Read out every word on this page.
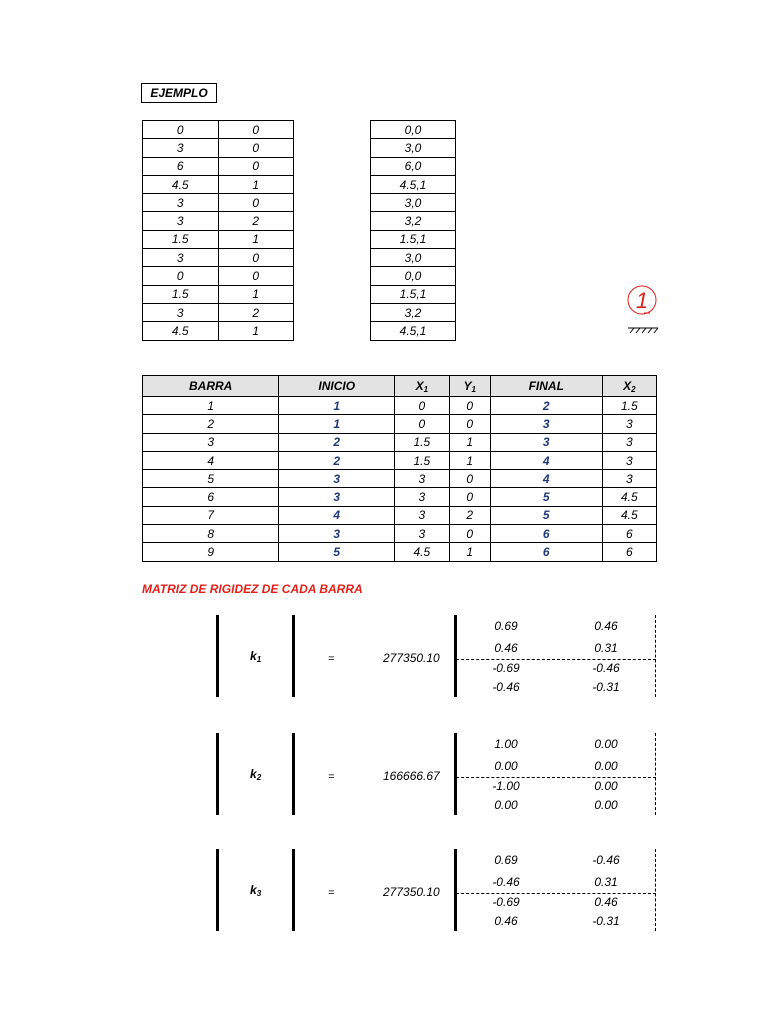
EJEMPLO
0	0
3	0
6	0
4.5	1
3	0
3	2
1.5	1
3	0
0	0
1.5	1
3	2
4.5	1
0,0
3,0
6,0
4.5,1
3,0
3,2
1.5,1
3,0
0,0
1.5,1
3,2
4.5,1
BARRA	INICIO	$X_1$	$Y_1$	FINAL	$X_2$
1	1	0	0	2	1.5
2	1	0	0	3	3
3	2	1.5	1	3	3
4	2	1.5	1	4	3
5	3	3	0	4	3
6	3	3	0	5	4.5
7	4	3	2	5	4.5
8	3	3	0	6	6
9	5	4.5	1	6	6
MATRIZ DE RIGIDEZ DE CADA BARRA
$k_1$	=	277350.10
0.69	0.46
0.46	0.31
-0.69	-0.46
-0.46	-0.31
$k_2$	=	166666.67
1.00	0.00
0.00	0.00
-1.00	0.00
0.00	0.00
$k_3$	=	277350.10
0.69	-0.46
-0.46	0.31
-0.69	0.46
0.46	-0.31
1
